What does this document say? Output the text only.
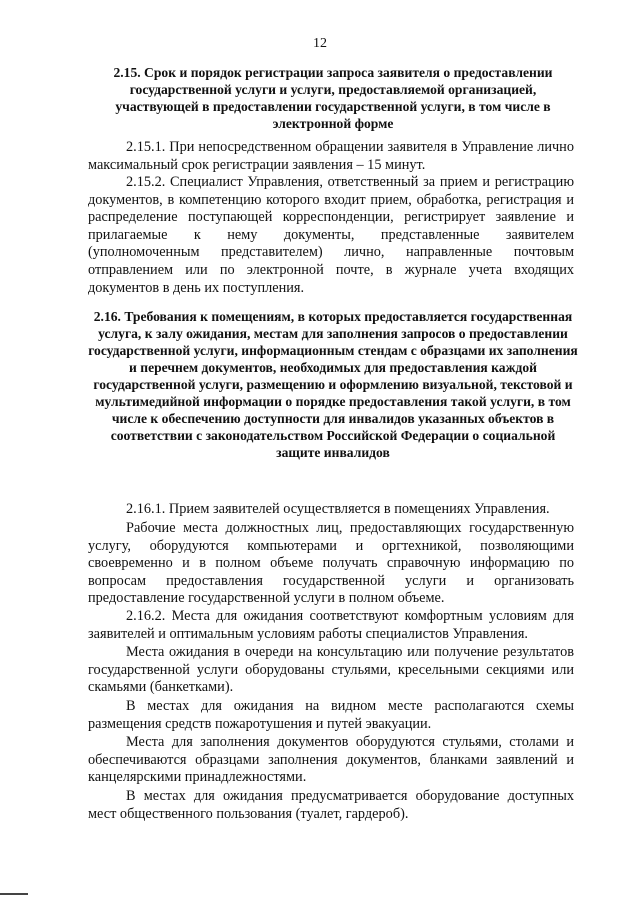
12
2.15. Срок и порядок регистрации запроса заявителя о предоставлении государственной услуги и услуги, предоставляемой организацией, участвующей в предоставлении государственной услуги, в том числе в электронной форме
2.15.1. При непосредственном обращении заявителя в Управление лично максимальный срок регистрации заявления – 15 минут.
2.15.2. Специалист Управления, ответственный за прием и регистрацию документов, в компетенцию которого входит прием, обработка, регистрация и распределение поступающей корреспонденции, регистрирует заявление и прилагаемые к нему документы, представленные заявителем (уполномоченным представителем) лично, направленные почтовым отправлением или по электронной почте, в журнале учета входящих документов в день их поступления.
2.16. Требования к помещениям, в которых предоставляется государственная услуга, к залу ожидания, местам для заполнения запросов о предоставлении государственной услуги, информационным стендам с образцами их заполнения и перечнем документов, необходимых для предоставления каждой государственной услуги, размещению и оформлению визуальной, текстовой и мультимедийной информации о порядке предоставления такой услуги, в том числе к обеспечению доступности для инвалидов указанных объектов в соответствии с законодательством Российской Федерации о социальной защите инвалидов
2.16.1. Прием заявителей осуществляется в помещениях Управления.
Рабочие места должностных лиц, предоставляющих государственную услугу, оборудуются компьютерами и оргтехникой, позволяющими своевременно и в полном объеме получать справочную информацию по вопросам предоставления государственной услуги и организовать предоставление государственной услуги в полном объеме.
2.16.2. Места для ожидания соответствуют комфортным условиям для заявителей и оптимальным условиям работы специалистов Управления.
Места ожидания в очереди на консультацию или получение результатов государственной услуги оборудованы стульями, кресельными секциями или скамьями (банкетками).
В местах для ожидания на видном месте располагаются схемы размещения средств пожаротушения и путей эвакуации.
Места для заполнения документов оборудуются стульями, столами и обеспечиваются образцами заполнения документов, бланками заявлений и канцелярскими принадлежностями.
В местах для ожидания предусматривается оборудование доступных мест общественного пользования (туалет, гардероб).
